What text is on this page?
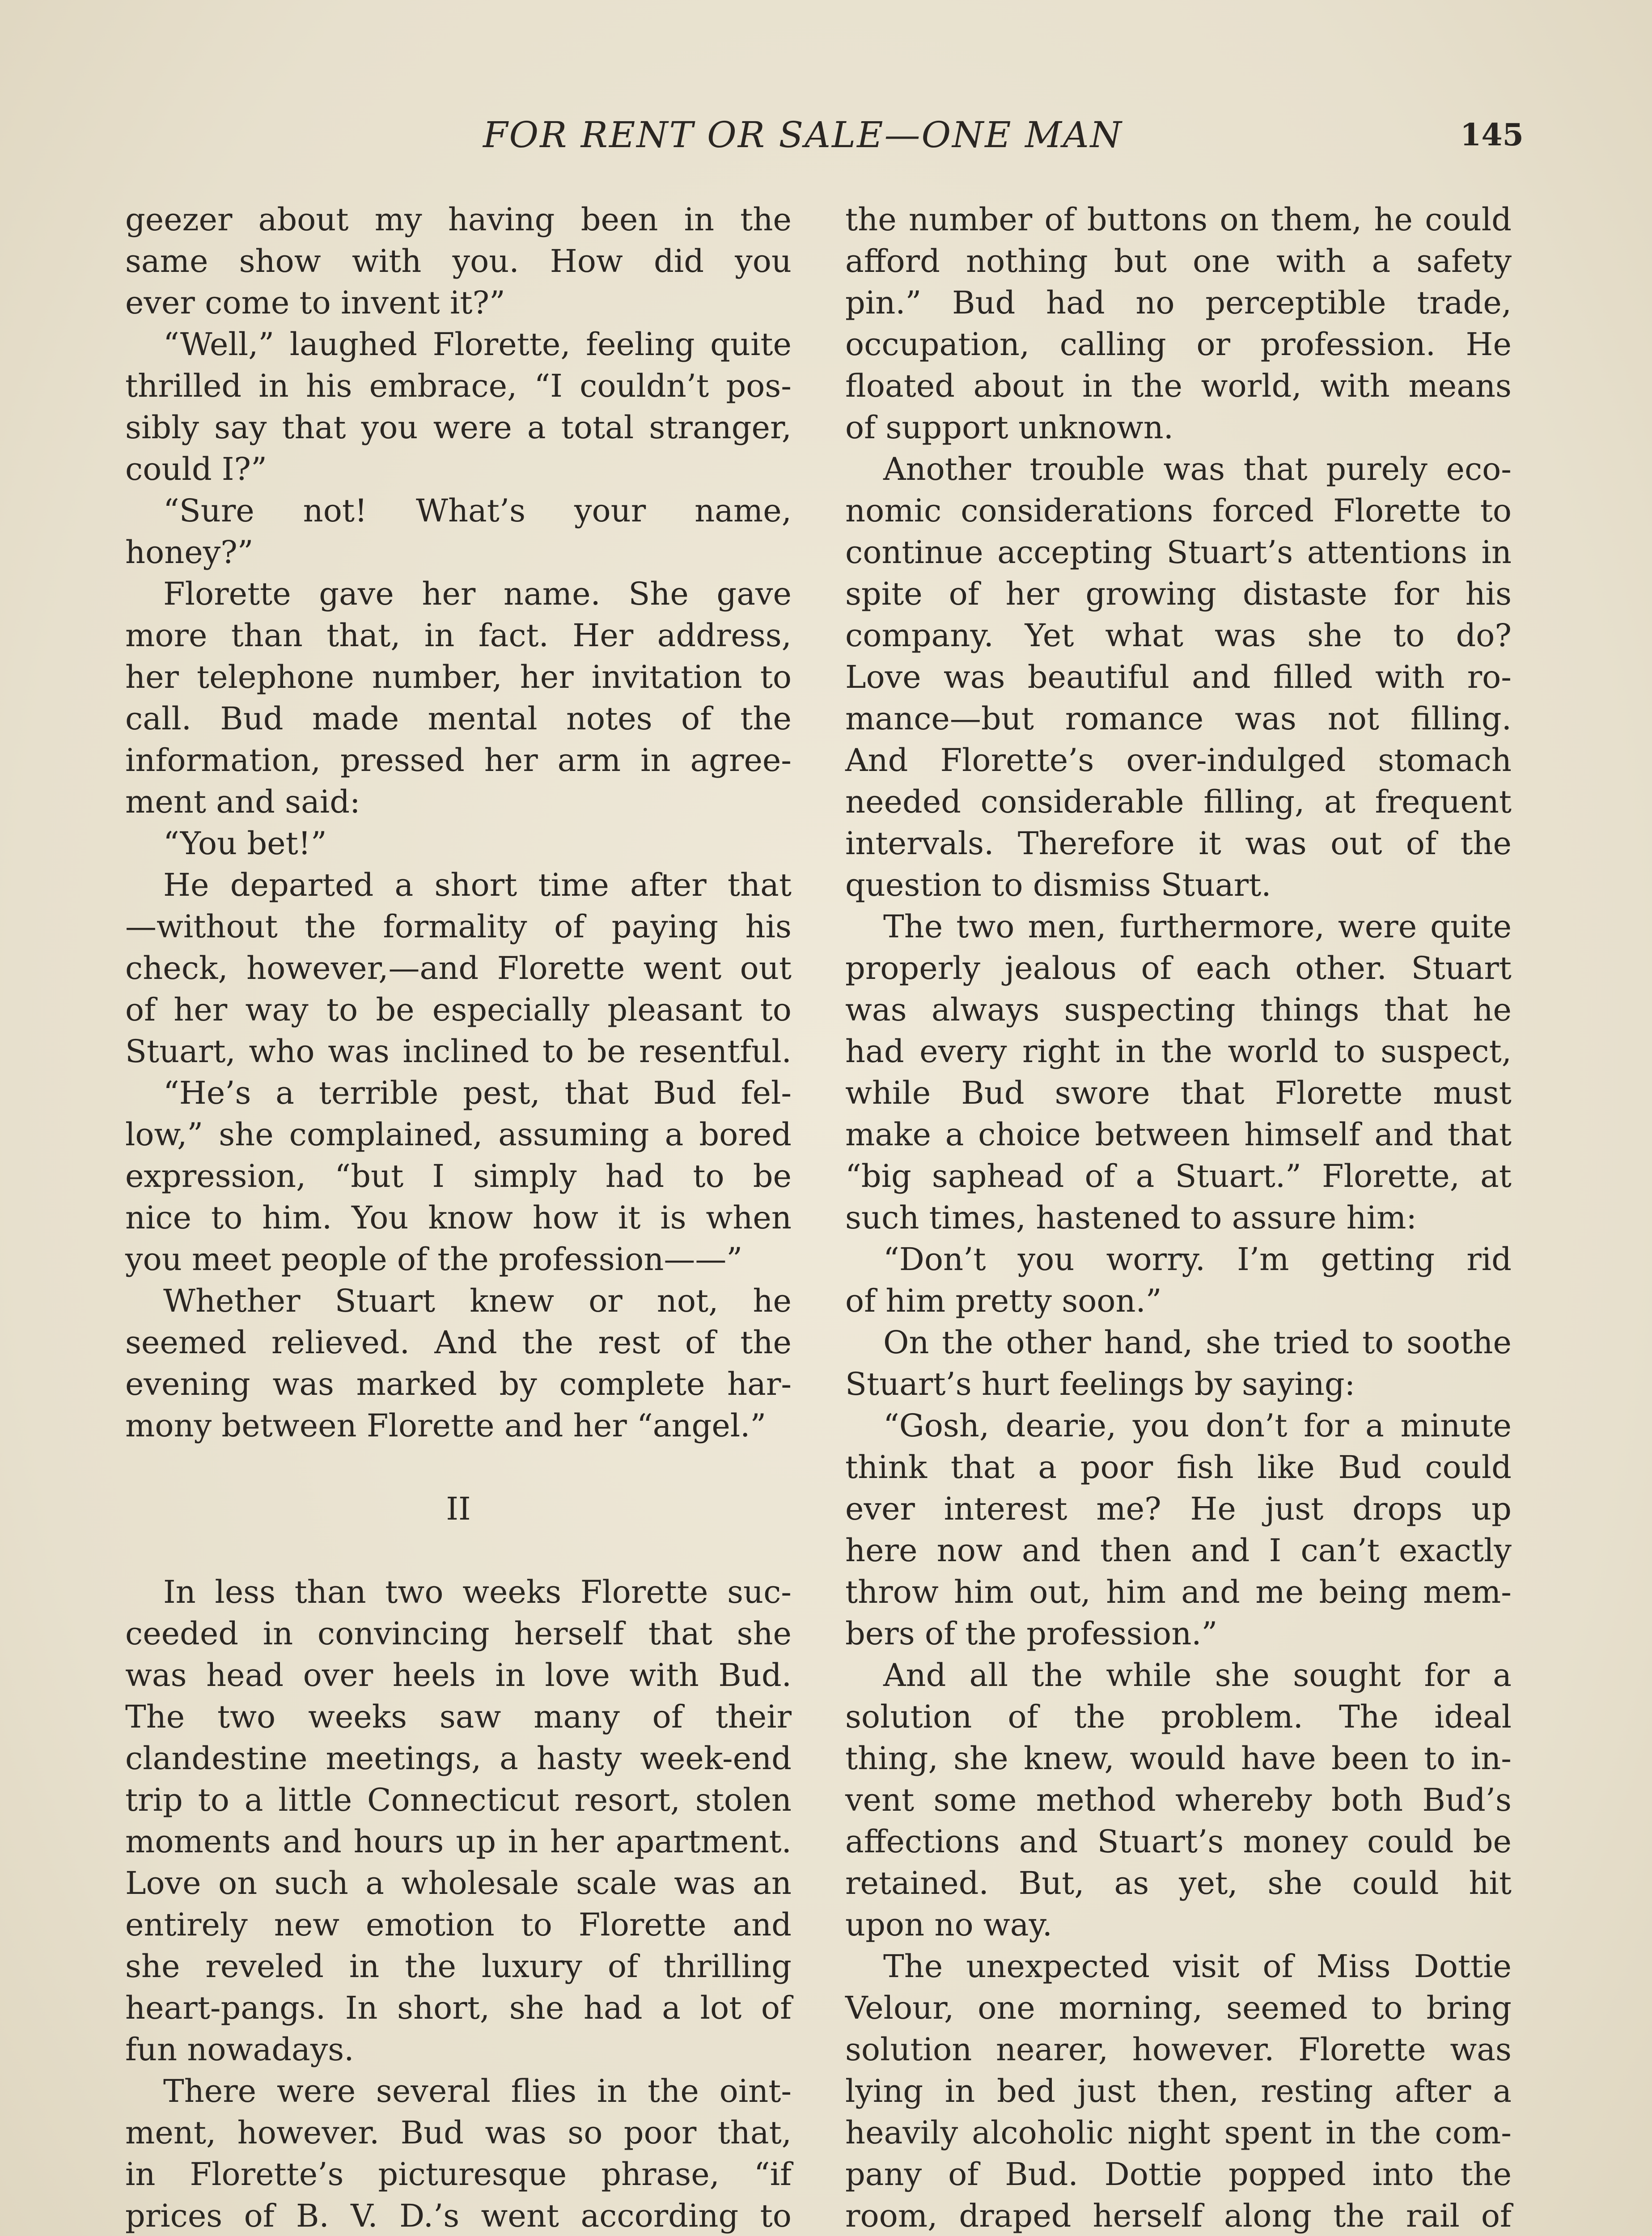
FOR RENT OR SALE—ONE MAN	145
geezer about my having been in the
same show with you. How did you
ever come to invent it?”
“Well,” laughed Florette, feeling quite
thrilled in his embrace, “I couldn’t pos-
sibly say that you were a total stranger,
could I?”
“Sure not! What’s your name,
honey?”
Florette gave her name. She gave
more than that, in fact. Her address,
her telephone number, her invitation to
call. Bud made mental notes of the
information, pressed her arm in agree-
ment and said:
“You bet!”
He departed a short time after that
—without the formality of paying his
check, however,—and Florette went out
of her way to be especially pleasant to
Stuart, who was inclined to be resentful.
“He’s a terrible pest, that Bud fel-
low,” she complained, assuming a bored
expression, “but I simply had to be
nice to him. You know how it is when
you meet people of the profession——”
Whether Stuart knew or not, he
seemed relieved. And the rest of the
evening was marked by complete har-
mony between Florette and her “angel.”
II
In less than two weeks Florette suc-
ceeded in convincing herself that she
was head over heels in love with Bud.
The two weeks saw many of their
clandestine meetings, a hasty week-end
trip to a little Connecticut resort, stolen
moments and hours up in her apartment.
Love on such a wholesale scale was an
entirely new emotion to Florette and
she reveled in the luxury of thrilling
heart-pangs. In short, she had a lot of
fun nowadays.
There were several flies in the oint-
ment, however. Bud was so poor that,
in Florette’s picturesque phrase, “if
prices of B. V. D.’s went according to
the number of buttons on them, he could
afford nothing but one with a safety
pin.” Bud had no perceptible trade,
occupation, calling or profession. He
floated about in the world, with means
of support unknown.
Another trouble was that purely eco-
nomic considerations forced Florette to
continue accepting Stuart’s attentions in
spite of her growing distaste for his
company. Yet what was she to do?
Love was beautiful and filled with ro-
mance—but romance was not filling.
And Florette’s over-indulged stomach
needed considerable filling, at frequent
intervals. Therefore it was out of the
question to dismiss Stuart.
The two men, furthermore, were quite
properly jealous of each other. Stuart
was always suspecting things that he
had every right in the world to suspect,
while Bud swore that Florette must
make a choice between himself and that
“big saphead of a Stuart.” Florette, at
such times, hastened to assure him:
“Don’t you worry. I’m getting rid
of him pretty soon.”
On the other hand, she tried to soothe
Stuart’s hurt feelings by saying:
“Gosh, dearie, you don’t for a minute
think that a poor fish like Bud could
ever interest me? He just drops up
here now and then and I can’t exactly
throw him out, him and me being mem-
bers of the profession.”
And all the while she sought for a
solution of the problem. The ideal
thing, she knew, would have been to in-
vent some method whereby both Bud’s
affections and Stuart’s money could be
retained. But, as yet, she could hit
upon no way.
The unexpected visit of Miss Dottie
Velour, one morning, seemed to bring
solution nearer, however. Florette was
lying in bed just then, resting after a
heavily alcoholic night spent in the com-
pany of Bud. Dottie popped into the
room, draped herself along the rail of
